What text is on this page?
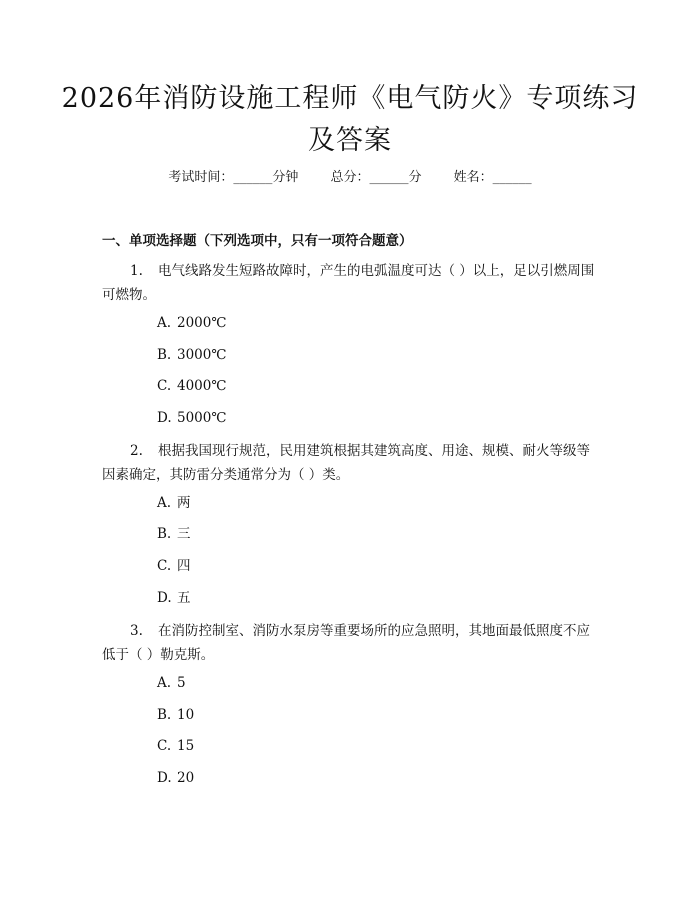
2026年消防设施工程师《电气防火》专项练习及答案
考试时间：______分钟 总分：______分 姓名：______
一、单项选择题（下列选项中，只有一项符合题意）
1. 电气线路发生短路故障时，产生的电弧温度可达（ ）以上，足以引燃周围可燃物。
A. 2000℃
B. 3000℃
C. 4000℃
D. 5000℃
2. 根据我国现行规范，民用建筑根据其建筑高度、用途、规模、耐火等级等因素确定，其防雷分类通常分为（ ）类。
A. 两
B. 三
C. 四
D. 五
3. 在消防控制室、消防水泵房等重要场所的应急照明，其地面最低照度不应低于（ ）勒克斯。
A. 5
B. 10
C. 15
D. 20
